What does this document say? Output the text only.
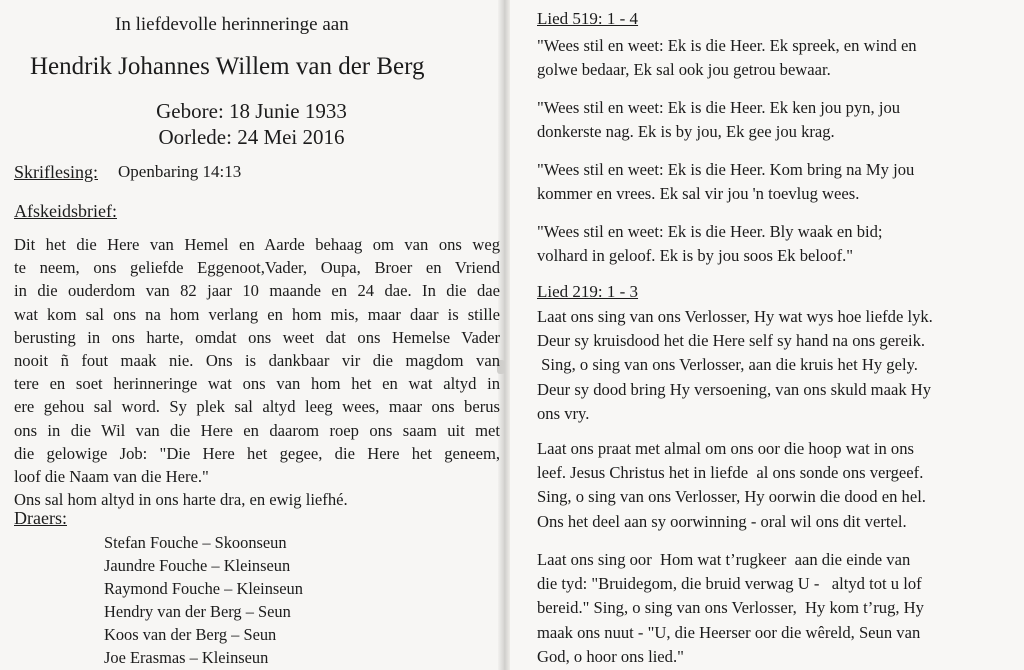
In liefdevolle herinneringe aan
Hendrik Johannes Willem van der Berg
Gebore: 18 Junie 1933
Oorlede: 24 Mei 2016
Skriflesing: Openbaring 14:13
Afskeidsbrief:
Dit het die Here van Hemel en Aarde behaag om van ons weg
te neem, ons geliefde Eggenoot,Vader, Oupa, Broer en Vriend
in die ouderdom van 82 jaar 10 maande en 24 dae. In die dae
wat kom sal ons na hom verlang en hom mis, maar daar is stille
berusting in ons harte, omdat ons weet dat ons Hemelse Vader
nooit ñ fout maak nie. Ons is dankbaar vir die magdom van
tere en soet herinneringe wat ons van hom het en wat altyd in
ere gehou sal word. Sy plek sal altyd leeg wees, maar ons berus
ons in die Wil van die Here en daarom roep ons saam uit met
die gelowige Job: "Die Here het gegee, die Here het geneem,
loof die Naam van die Here."
Ons sal hom altyd in ons harte dra, en ewig liefhé.
Draers:
Stefan Fouche – Skoonseun
Jaundre Fouche – Kleinseun
Raymond Fouche – Kleinseun
Hendry van der Berg – Seun
Koos van der Berg – Seun
Joe Erasmas – Kleinseun
Lied 519: 1 - 4
"Wees stil en weet: Ek is die Heer. Ek spreek, en wind en
golwe bedaar, Ek sal ook jou getrou bewaar.
"Wees stil en weet: Ek is die Heer. Ek ken jou pyn, jou
donkerste nag. Ek is by jou, Ek gee jou krag.
"Wees stil en weet: Ek is die Heer. Kom bring na My jou
kommer en vrees. Ek sal vir jou 'n toevlug wees.
"Wees stil en weet: Ek is die Heer. Bly waak en bid;
volhard in geloof. Ek is by jou soos Ek beloof."
Lied 219: 1 - 3
Laat ons sing van ons Verlosser, Hy wat wys hoe liefde lyk.
Deur sy kruisdood het die Here self sy hand na ons gereik.
Sing, o sing van ons Verlosser, aan die kruis het Hy gely.
Deur sy dood bring Hy versoening, van ons skuld maak Hy
ons vry.
Laat ons praat met almal om ons oor die hoop wat in ons
leef. Jesus Christus het in liefde  al ons sonde ons vergeef.
Sing, o sing van ons Verlosser, Hy oorwin die dood en hel.
Ons het deel aan sy oorwinning - oral wil ons dit vertel.
Laat ons sing oor  Hom wat t’rugkeer  aan die einde van
die tyd: "Bruidegom, die bruid verwag U -   altyd tot u lof
bereid." Sing, o sing van ons Verlosser,  Hy kom t’rug, Hy
maak ons nuut - "U, die Heerser oor die wêreld, Seun van
God, o hoor ons lied."
